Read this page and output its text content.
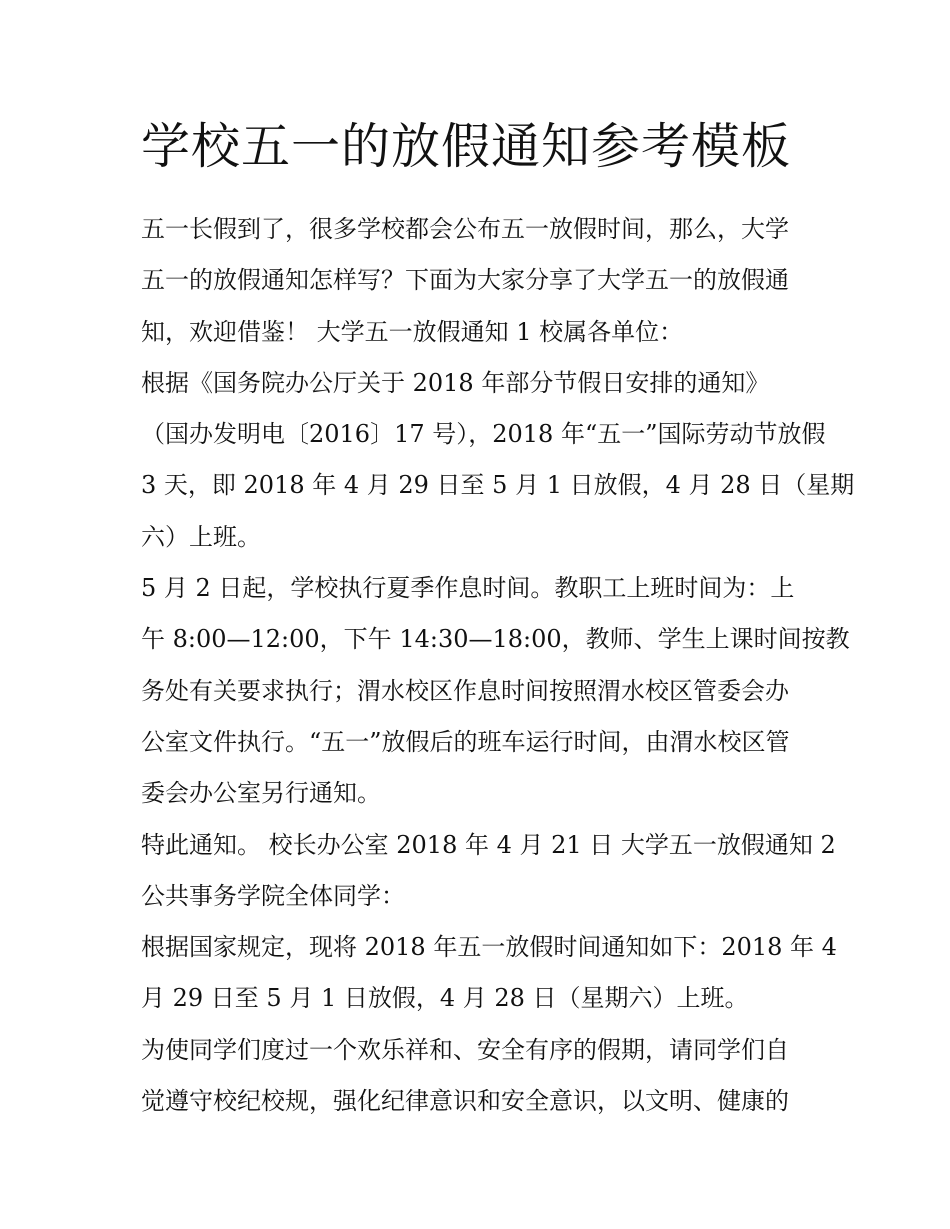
学校五一的放假通知参考模板

五一长假到了，很多学校都会公布五一放假时间，那么，大学
五一的放假通知怎样写？下面为大家分享了大学五一的放假通
知，欢迎借鉴！ 大学五一放假通知 1 校属各单位：

根据《国务院办公厅关于 2018 年部分节假日安排的通知》
（国办发明电〔2016〕17 号），2018 年“五一”国际劳动节放假
3 天，即 2018 年 4 月 29 日至 5 月 1 日放假，4 月 28 日（星期
六）上班。

5 月 2 日起，学校执行夏季作息时间。教职工上班时间为：上
午 8:00—12:00，下午 14:30—18:00，教师、学生上课时间按教
务处有关要求执行；渭水校区作息时间按照渭水校区管委会办
公室文件执行。“五一”放假后的班车运行时间，由渭水校区管
委会办公室另行通知。

特此通知。 校长办公室 2018 年 4 月 21 日 大学五一放假通知 2
公共事务学院全体同学：

根据国家规定，现将 2018 年五一放假时间通知如下：2018 年 4
月 29 日至 5 月 1 日放假，4 月 28 日（星期六）上班。

为使同学们度过一个欢乐祥和、安全有序的假期，请同学们自
觉遵守校纪校规，强化纪律意识和安全意识，以文明、健康的
